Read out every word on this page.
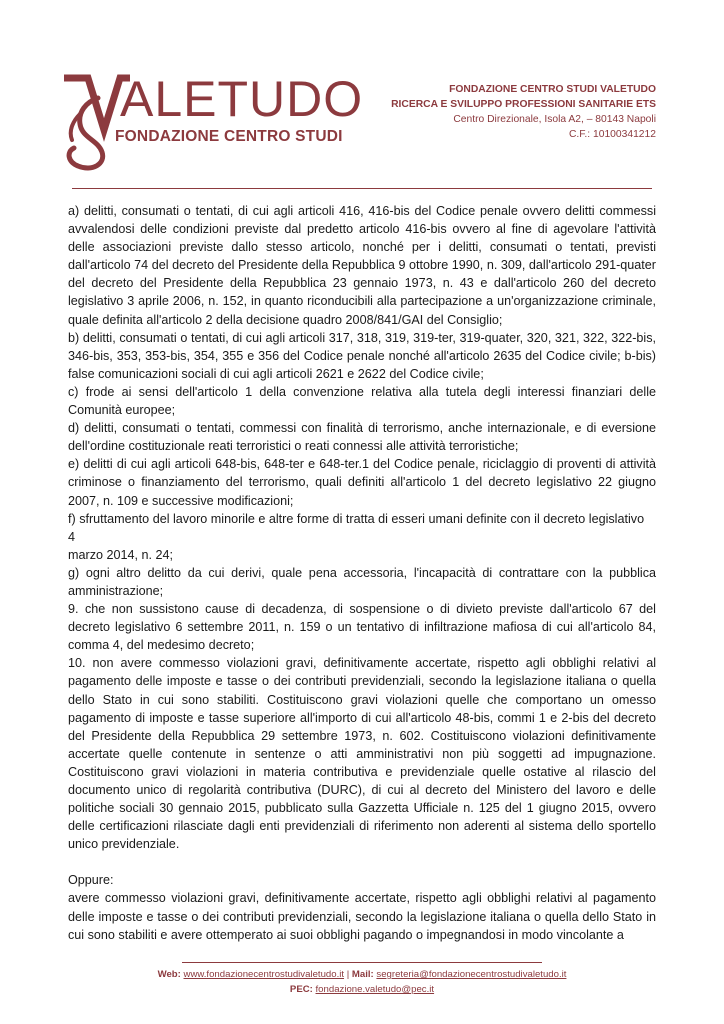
ALETUDO
FONDAZIONE CENTRO STUDI
FONDAZIONE CENTRO STUDI VALETUDO
RICERCA E SVILUPPO PROFESSIONI SANITARIE ETS
Centro Direzionale, Isola A2, – 80143 Napoli
C.F.: 10100341212

a) delitti, consumati o tentati, di cui agli articoli 416, 416-bis del Codice penale ovvero delitti commessi avvalendosi delle condizioni previste dal predetto articolo 416-bis ovvero al fine di agevolare l'attività delle associazioni previste dallo stesso articolo, nonché per i delitti, consumati o tentati, previsti dall'articolo 74 del decreto del Presidente della Repubblica 9 ottobre 1990, n. 309, dall'articolo 291-quater del decreto del Presidente della Repubblica 23 gennaio 1973, n. 43 e dall'articolo 260 del decreto legislativo 3 aprile 2006, n. 152, in quanto riconducibili alla partecipazione a un'organizzazione criminale, quale definita all'articolo 2 della decisione quadro 2008/841/GAI del Consiglio;

b) delitti, consumati o tentati, di cui agli articoli 317, 318, 319, 319-ter, 319-quater, 320, 321, 322, 322-bis, 346-bis, 353, 353-bis, 354, 355 e 356 del Codice penale nonché all'articolo 2635 del Codice civile; b-bis) false comunicazioni sociali di cui agli articoli 2621 e 2622 del Codice civile;

c) frode ai sensi dell'articolo 1 della convenzione relativa alla tutela degli interessi finanziari delle Comunità europee;

d) delitti, consumati o tentati, commessi con finalità di terrorismo, anche internazionale, e di eversione dell'ordine costituzionale reati terroristici o reati connessi alle attività terroristiche;

e) delitti di cui agli articoli 648-bis, 648-ter e 648-ter.1 del Codice penale, riciclaggio di proventi di attività criminose o finanziamento del terrorismo, quali definiti all'articolo 1 del decreto legislativo 22 giugno 2007, n. 109 e successive modificazioni;

f) sfruttamento del lavoro minorile e altre forme di tratta di esseri umani definite con il decreto legislativo

4

marzo 2014, n. 24;

g) ogni altro delitto da cui derivi, quale pena accessoria, l'incapacità di contrattare con la pubblica amministrazione;

9. che non sussistono cause di decadenza, di sospensione o di divieto previste dall'articolo 67 del decreto legislativo 6 settembre 2011, n. 159 o un tentativo di infiltrazione mafiosa di cui all'articolo 84, comma 4, del medesimo decreto;

10. non avere commesso violazioni gravi, definitivamente accertate, rispetto agli obblighi relativi al pagamento delle imposte e tasse o dei contributi previdenziali, secondo la legislazione italiana o quella dello Stato in cui sono stabiliti. Costituiscono gravi violazioni quelle che comportano un omesso pagamento di imposte e tasse superiore all'importo di cui all'articolo 48-bis, commi 1 e 2-bis del decreto del Presidente della Repubblica 29 settembre 1973, n. 602. Costituiscono violazioni definitivamente accertate quelle contenute in sentenze o atti amministrativi non più soggetti ad impugnazione. Costituiscono gravi violazioni in materia contributiva e previdenziale quelle ostative al rilascio del documento unico di regolarità contributiva (DURC), di cui al decreto del Ministero del lavoro e delle politiche sociali 30 gennaio 2015, pubblicato sulla Gazzetta Ufficiale n. 125 del 1 giugno 2015, ovvero delle certificazioni rilasciate dagli enti previdenziali di riferimento non aderenti al sistema dello sportello unico previdenziale.

Oppure:

avere commesso violazioni gravi, definitivamente accertate, rispetto agli obblighi relativi al pagamento delle imposte e tasse o dei contributi previdenziali, secondo la legislazione italiana o quella dello Stato in cui sono stabiliti e avere ottemperato ai suoi obblighi pagando o impegnandosi in modo vincolante a

Web: www.fondazionecentrostudivaletudo.it | Mail: segreteria@fondazionecentrostudivaletudo.it
PEC: fondazione.valetudo@pec.it
